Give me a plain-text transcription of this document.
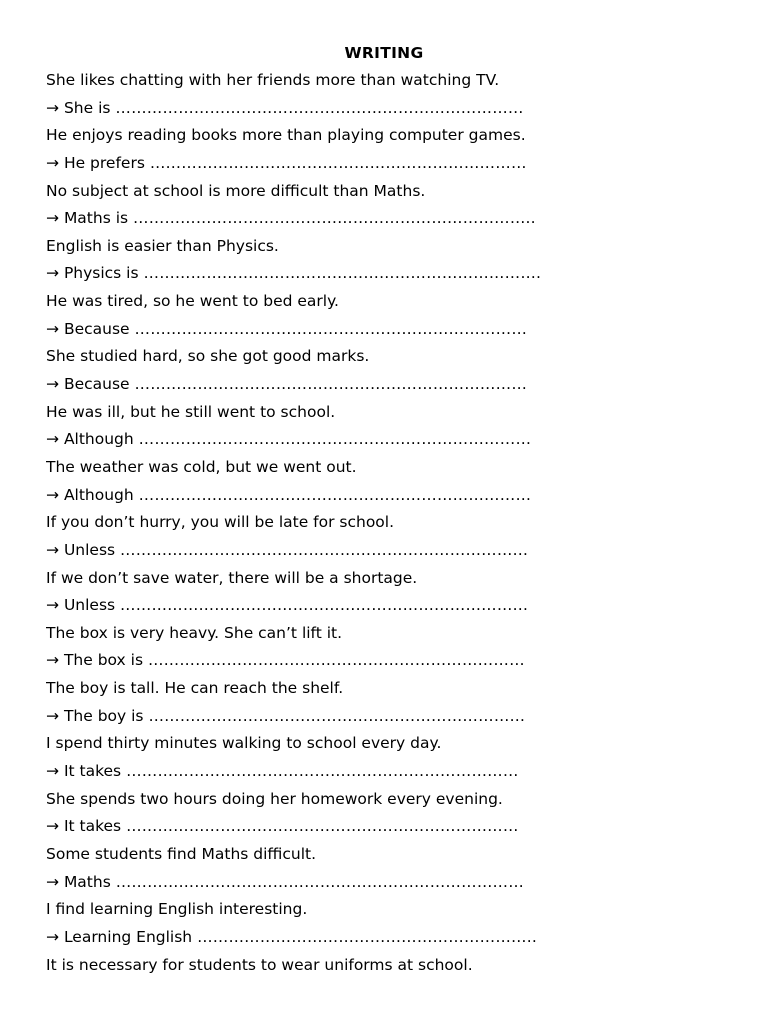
WRITING
She likes chatting with her friends more than watching TV.
→ She is ……………………………………………………………………
He enjoys reading books more than playing computer games.
→ He prefers ………………………………………………………………
No subject at school is more difficult than Maths.
→ Maths is …………………………………………………………………..
English is easier than Physics.
→ Physics is ………………………………………………………………….
He was tired, so he went to bed early.
→ Because …………………………………………………………………
She studied hard, so she got good marks.
→ Because …………………………………………………………………
He was ill, but he still went to school.
→ Although …………………………………………………………………
The weather was cold, but we went out.
→ Although …………………………………………………………………
If you don’t hurry, you will be late for school.
→ Unless ……………………………………………………………………
If we don’t save water, there will be a shortage.
→ Unless ……………………………………………………………………
The box is very heavy. She can’t lift it.
→ The box is ………………………………………………………………
The boy is tall. He can reach the shelf.
→ The boy is ………………………………………………………………
I spend thirty minutes walking to school every day.
→ It takes …………………………………………………………………
She spends two hours doing her homework every evening.
→ It takes …………………………………………………………………
Some students find Maths difficult.
→ Maths ……………………………………………………………………
I find learning English interesting.
→ Learning English ………………………………………………………..
It is necessary for students to wear uniforms at school.
